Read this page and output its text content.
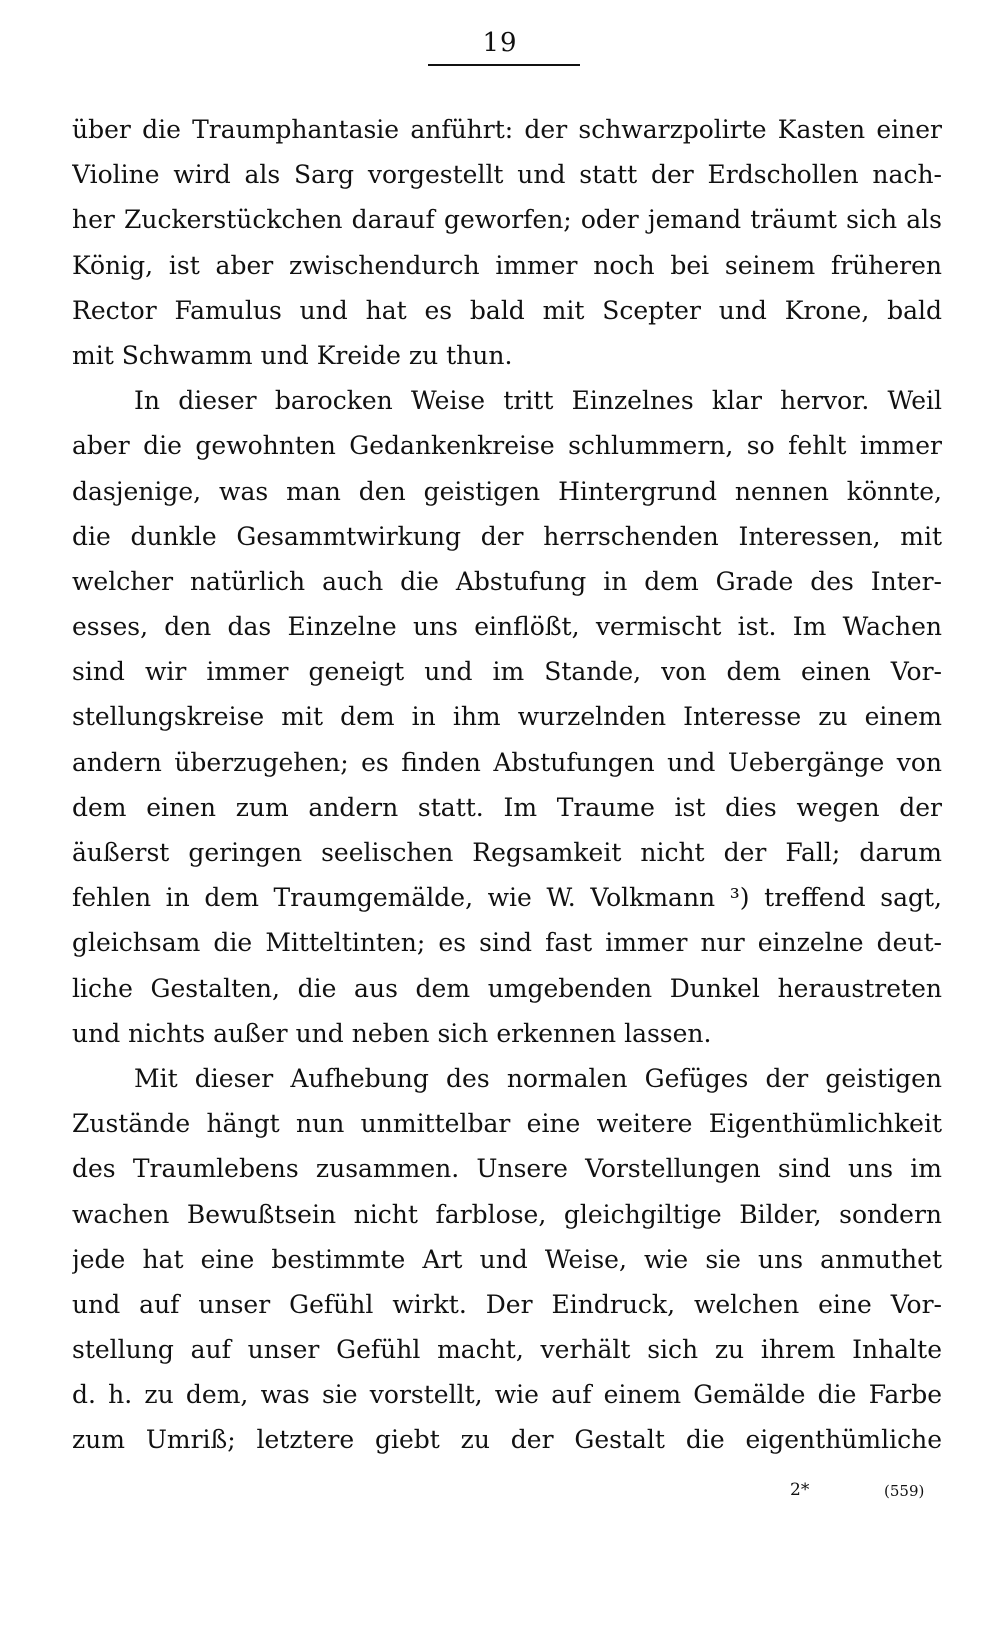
19
über die Traumphantasie anführt: der schwarzpolirte Kasten einer
Violine wird als Sarg vorgestellt und statt der Erdschollen nach-
her Zuckerstückchen darauf geworfen; oder jemand träumt sich als
König, ist aber zwischendurch immer noch bei seinem früheren
Rector Famulus und hat es bald mit Scepter und Krone, bald
mit Schwamm und Kreide zu thun.
In dieser barocken Weise tritt Einzelnes klar hervor. Weil
aber die gewohnten Gedankenkreise schlummern, so fehlt immer
dasjenige, was man den geistigen Hintergrund nennen könnte,
die dunkle Gesammtwirkung der herrschenden Interessen, mit
welcher natürlich auch die Abstufung in dem Grade des Inter-
esses, den das Einzelne uns einflößt, vermischt ist. Im Wachen
sind wir immer geneigt und im Stande, von dem einen Vor-
stellungskreise mit dem in ihm wurzelnden Interesse zu einem
andern überzugehen; es finden Abstufungen und Uebergänge von
dem einen zum andern statt. Im Traume ist dies wegen der
äußerst geringen seelischen Regsamkeit nicht der Fall; darum
fehlen in dem Traumgemälde, wie W. Volkmann ³) treffend sagt,
gleichsam die Mitteltinten; es sind fast immer nur einzelne deut-
liche Gestalten, die aus dem umgebenden Dunkel heraustreten
und nichts außer und neben sich erkennen lassen.
Mit dieser Aufhebung des normalen Gefüges der geistigen
Zustände hängt nun unmittelbar eine weitere Eigenthümlichkeit
des Traumlebens zusammen. Unsere Vorstellungen sind uns im
wachen Bewußtsein nicht farblose, gleichgiltige Bilder, sondern
jede hat eine bestimmte Art und Weise, wie sie uns anmuthet
und auf unser Gefühl wirkt. Der Eindruck, welchen eine Vor-
stellung auf unser Gefühl macht, verhält sich zu ihrem Inhalte
d. h. zu dem, was sie vorstellt, wie auf einem Gemälde die Farbe
zum Umriß; letztere giebt zu der Gestalt die eigenthümliche
2*	(559)
